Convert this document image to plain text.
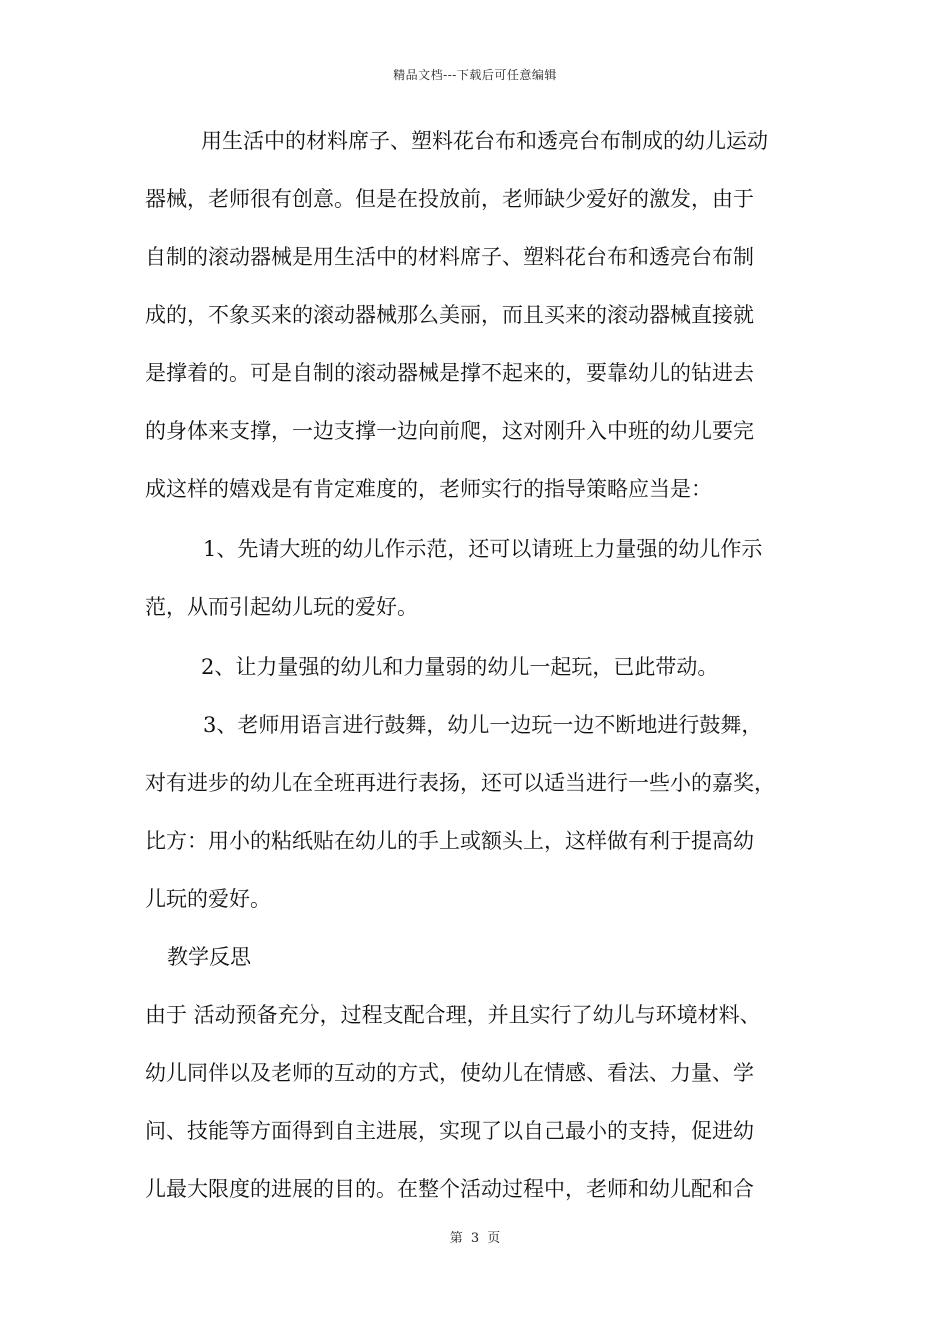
精品文档---下载后可任意编辑
用生活中的材料席子、塑料花台布和透亮台布制成的幼儿运动
器械，老师很有创意。但是在投放前，老师缺少爱好的激发，由于
自制的滚动器械是用生活中的材料席子、塑料花台布和透亮台布制
成的，不象买来的滚动器械那么美丽，而且买来的滚动器械直接就
是撑着的。可是自制的滚动器械是撑不起来的，要靠幼儿的钻进去
的身体来支撑，一边支撑一边向前爬，这对刚升入中班的幼儿要完
成这样的嬉戏是有肯定难度的，老师实行的指导策略应当是：
1、先请大班的幼儿作示范，还可以请班上力量强的幼儿作示
范，从而引起幼儿玩的爱好。
2、让力量强的幼儿和力量弱的幼儿一起玩，已此带动。
3、老师用语言进行鼓舞，幼儿一边玩一边不断地进行鼓舞，
对有进步的幼儿在全班再进行表扬，还可以适当进行一些小的嘉奖，
比方：用小的粘纸贴在幼儿的手上或额头上，这样做有利于提高幼
儿玩的爱好。
教学反思
由于 活动预备充分，过程支配合理，并且实行了幼儿与环境材料、
幼儿同伴以及老师的互动的方式，使幼儿在情感、看法、力量、学
问、技能等方面得到自主进展，实现了以自己最小的支持，促进幼
儿最大限度的进展的目的。在整个活动过程中，老师和幼儿配和合
第 3 页
